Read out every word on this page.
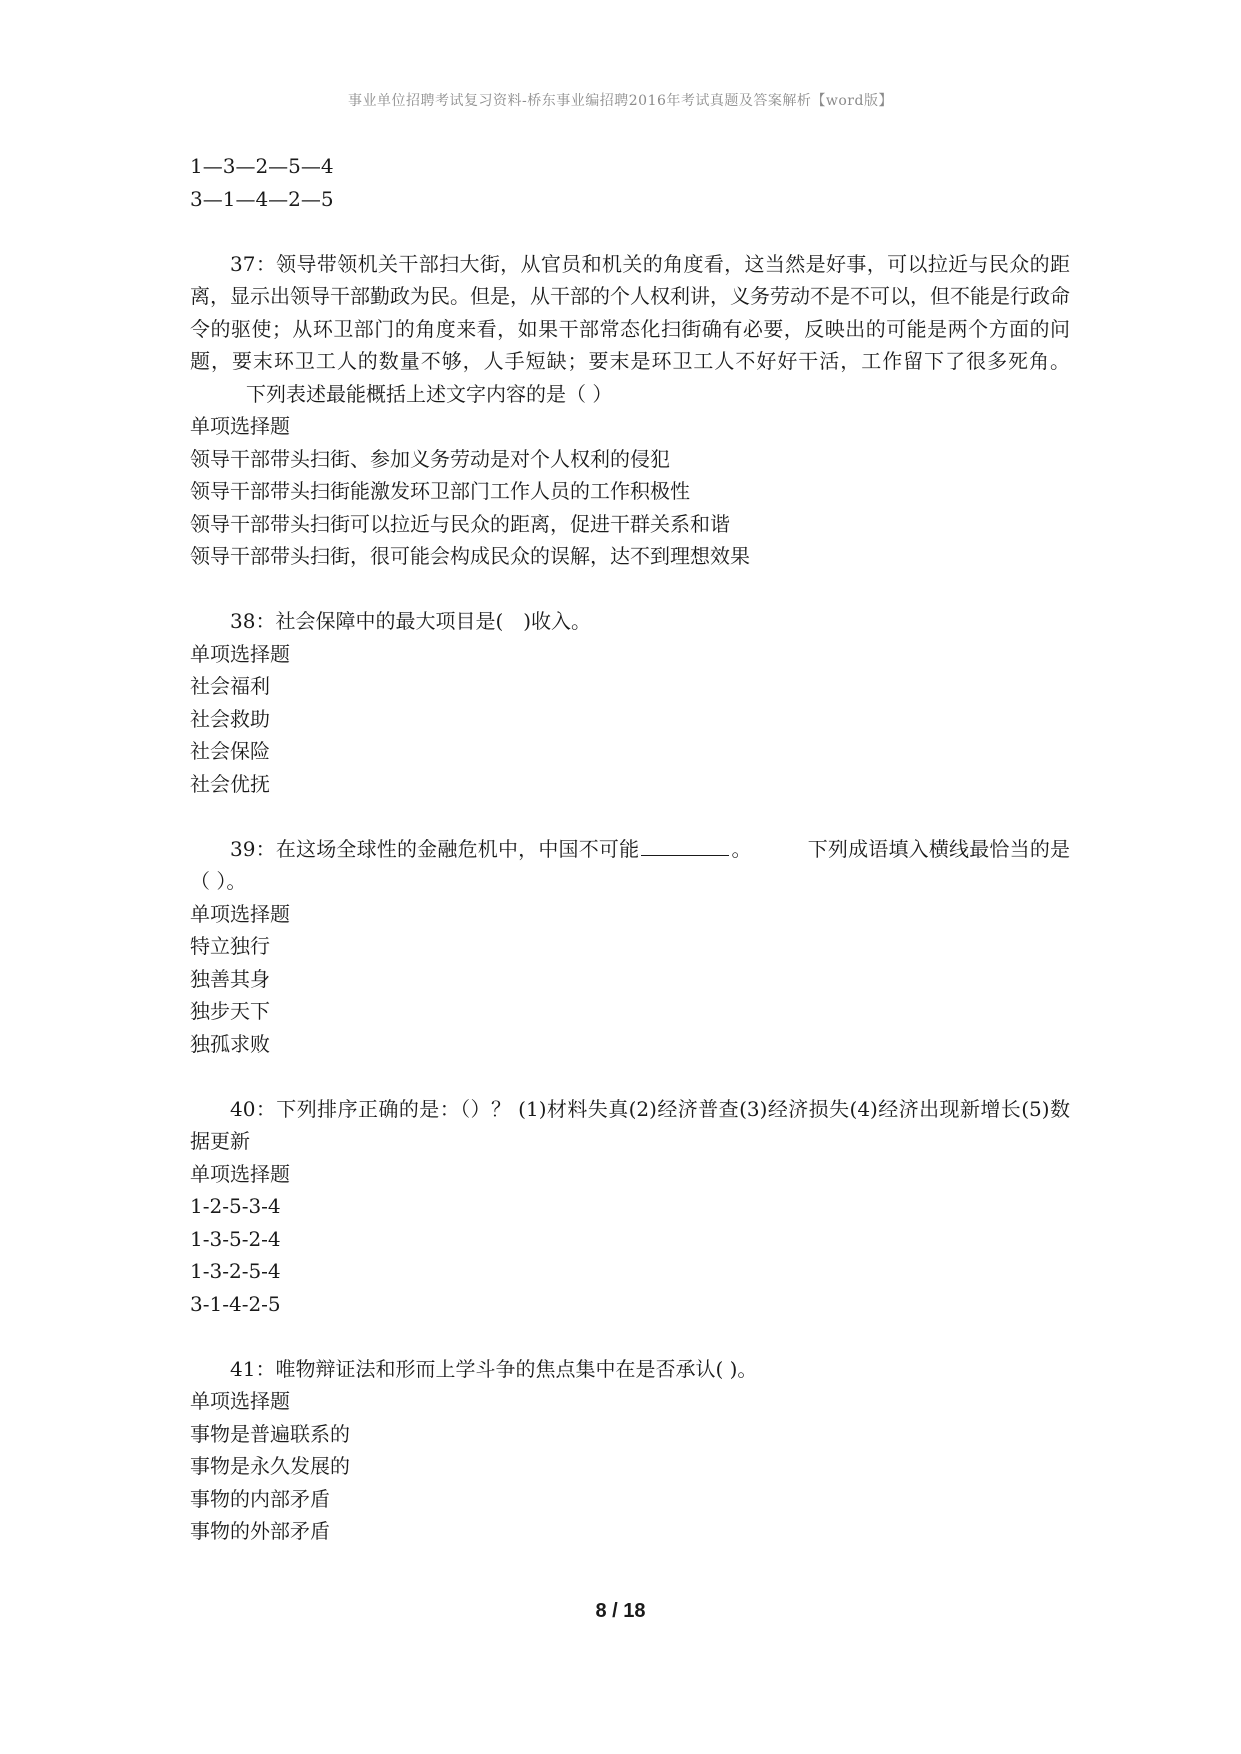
事业单位招聘考试复习资料-桥东事业编招聘2016年考试真题及答案解析【word版】
1—3—2—5—4
3—1—4—2—5
37：领导带领机关干部扫大街，从官员和机关的角度看，这当然是好事，可以拉近与民众的距离，显示出领导干部勤政为民。但是，从干部的个人权利讲，义务劳动不是不可以，但不能是行政命令的驱使；从环卫部门的角度来看，如果干部常态化扫街确有必要，反映出的可能是两个方面的问题，要末环卫工人的数量不够，人手短缺；要末是环卫工人不好好干活，工作留下了很多死角。下列表述最能概括上述文字内容的是（ ）
单项选择题
领导干部带头扫街、参加义务劳动是对个人权利的侵犯
领导干部带头扫街能激发环卫部门工作人员的工作积极性
领导干部带头扫街可以拉近与民众的距离，促进干群关系和谐
领导干部带头扫街，很可能会构成民众的误解，达不到理想效果
38：社会保障中的最大项目是(　)收入。
单项选择题
社会福利
社会救助
社会保险
社会优抚
39：在这场全球性的金融危机中，中国不可能	。	下列成语填入横线最恰当的是（ ）。
单项选择题
特立独行
独善其身
独步天下
独孤求败
40：下列排序正确的是：（）？ (1)材料失真(2)经济普查(3)经济损失(4)经济出现新增长(5)数据更新
单项选择题
1-2-5-3-4
1-3-5-2-4
1-3-2-5-4
3-1-4-2-5
41：唯物辩证法和形而上学斗争的焦点集中在是否承认( )。
单项选择题
事物是普遍联系的
事物是永久发展的
事物的内部矛盾
事物的外部矛盾
8 / 18
